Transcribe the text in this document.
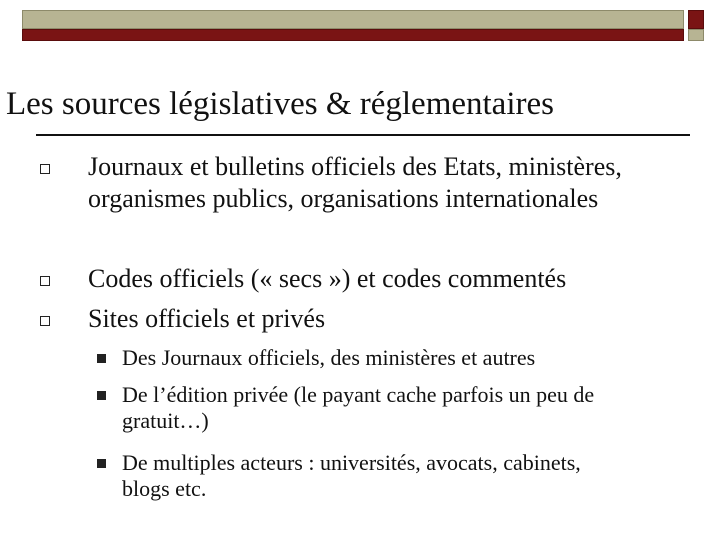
Les sources législatives & réglementaires
Journaux et bulletins officiels des Etats, ministères, organismes publics, organisations internationales
Codes officiels (« secs ») et codes commentés
Sites officiels et privés
Des Journaux officiels, des ministères et autres
De l’édition privée (le payant cache parfois un peu de gratuit…)
De multiples acteurs : universités, avocats, cabinets, blogs etc.
